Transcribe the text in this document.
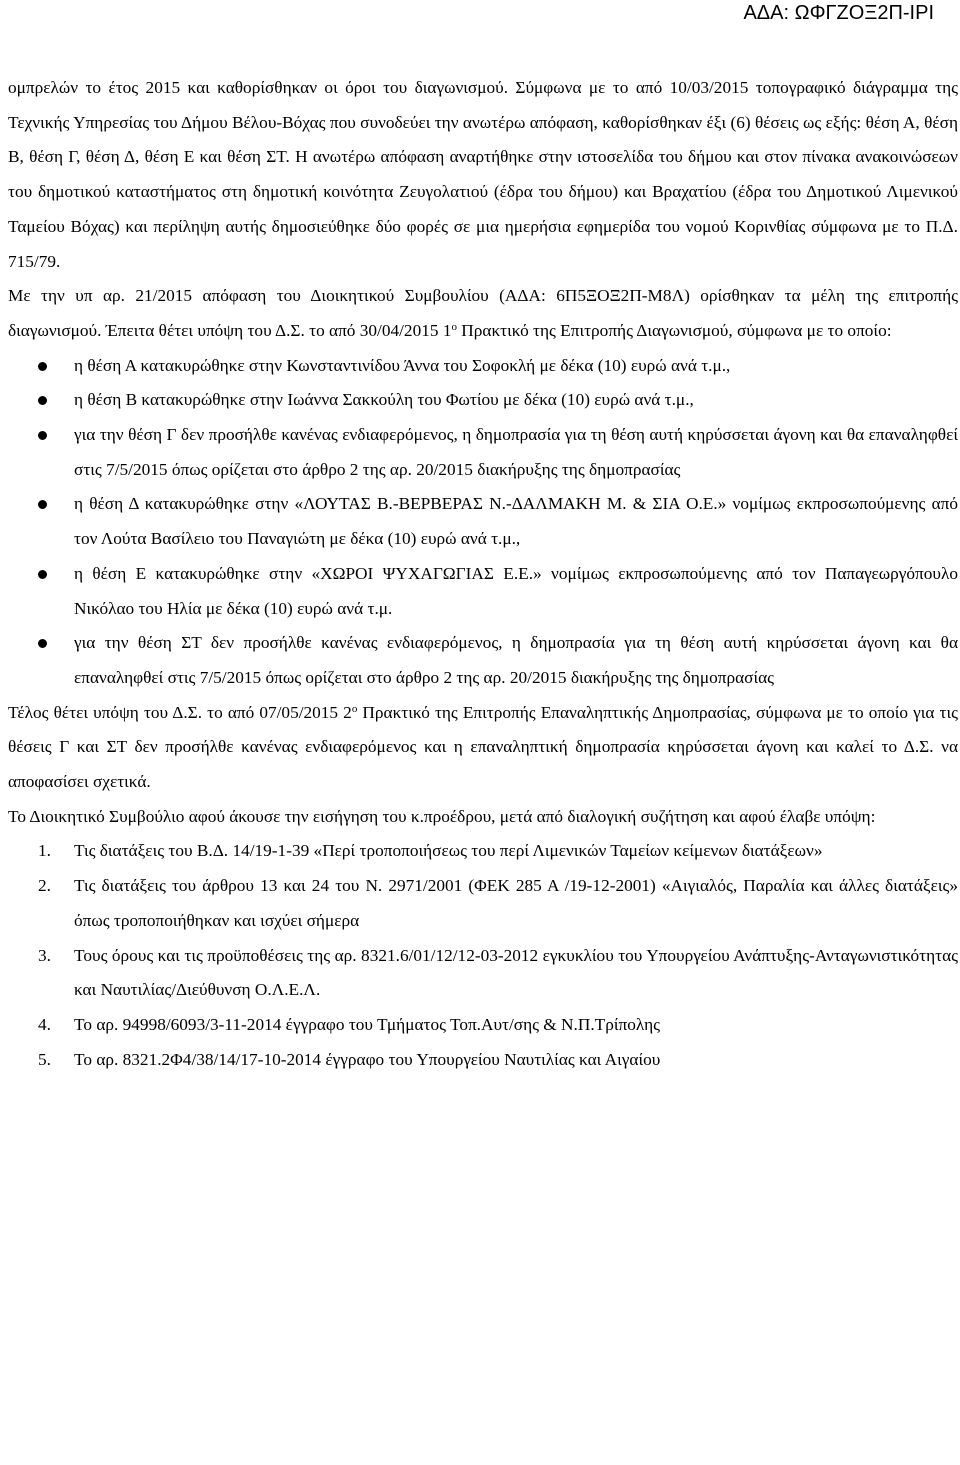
ΑΔΑ: ΩΦΓΖΟΞ2Π-ΙΡΙ

ομπρελών το έτος 2015 και καθορίσθηκαν οι όροι του διαγωνισμού. Σύμφωνα με το από 10/03/2015 τοπογραφικό διάγραμμα της Τεχνικής Υπηρεσίας του Δήμου Βέλου-Βόχας που συνοδεύει την ανωτέρω απόφαση, καθορίσθηκαν έξι (6) θέσεις ως εξής: θέση Α, θέση Β, θέση Γ, θέση Δ, θέση Ε και θέση ΣΤ. Η ανωτέρω απόφαση αναρτήθηκε στην ιστοσελίδα του δήμου και στον πίνακα ανακοινώσεων του δημοτικού καταστήματος στη δημοτική κοινότητα Ζευγολατιού (έδρα του δήμου) και Βραχατίου (έδρα του Δημοτικού Λιμενικού Ταμείου Βόχας) και περίληψη αυτής δημοσιεύθηκε δύο φορές σε μια ημερήσια εφημερίδα του νομού Κορινθίας σύμφωνα με το Π.Δ. 715/79.

Με την υπ αρ. 21/2015 απόφαση του Διοικητικού Συμβουλίου (ΑΔΑ: 6Π5ΞΟΞ2Π-Μ8Λ) ορίσθηκαν τα μέλη της επιτροπής διαγωνισμού. Έπειτα θέτει υπόψη του Δ.Σ. το από 30/04/2015 $1^o$ Πρακτικό της Επιτροπής Διαγωνισμού, σύμφωνα με το οποίο:

η θέση Α κατακυρώθηκε στην Κωνσταντινίδου Άννα του Σοφοκλή με δέκα (10) ευρώ ανά τ.μ.,
η θέση Β κατακυρώθηκε στην Ιωάννα Σακκούλη του Φωτίου με δέκα (10) ευρώ ανά τ.μ.,
για την θέση Γ δεν προσήλθε κανένας ενδιαφερόμενος, η δημοπρασία για τη θέση αυτή κηρύσσεται άγονη και θα επαναληφθεί στις 7/5/2015 όπως ορίζεται στο άρθρο 2 της αρ. 20/2015 διακήρυξης της δημοπρασίας
η θέση Δ κατακυρώθηκε στην «ΛΟΥΤΑΣ Β.-ΒΕΡΒΕΡΑΣ Ν.-ΔΑΛΜΑΚΗ Μ. & ΣΙΑ Ο.Ε.» νομίμως εκπροσωπούμενης από τον Λούτα Βασίλειο του Παναγιώτη με δέκα (10) ευρώ ανά τ.μ.,
η θέση Ε κατακυρώθηκε στην «ΧΩΡΟΙ ΨΥΧΑΓΩΓΙΑΣ Ε.Ε.» νομίμως εκπροσωπούμενης από τον Παπαγεωργόπουλο Νικόλαο του Ηλία με δέκα (10) ευρώ ανά τ.μ.
για την θέση ΣΤ δεν προσήλθε κανένας ενδιαφερόμενος, η δημοπρασία για τη θέση αυτή κηρύσσεται άγονη και θα επαναληφθεί στις 7/5/2015 όπως ορίζεται στο άρθρο 2 της αρ. 20/2015 διακήρυξης της δημοπρασίας

Τέλος θέτει υπόψη του Δ.Σ. το από 07/05/2015 $2^o$ Πρακτικό της Επιτροπής Επαναληπτικής Δημοπρασίας, σύμφωνα με το οποίο για τις θέσεις Γ και ΣΤ δεν προσήλθε κανένας ενδιαφερόμενος και η επαναληπτική δημοπρασία κηρύσσεται άγονη και καλεί το Δ.Σ. να αποφασίσει σχετικά.

Το Διοικητικό Συμβούλιο αφού άκουσε την εισήγηση του κ.προέδρου, μετά από διαλογική συζήτηση και αφού έλαβε υπόψη:

1. Τις διατάξεις του Β.Δ. 14/19-1-39 «Περί τροποποιήσεως του περί Λιμενικών Ταμείων κείμενων διατάξεων»
2. Τις διατάξεις του άρθρου 13 και 24 του Ν. 2971/2001 (ΦΕΚ 285 Α /19-12-2001) «Αιγιαλός, Παραλία και άλλες διατάξεις» όπως τροποποιήθηκαν και ισχύει σήμερα
3. Τους όρους και τις προϋποθέσεις της αρ. 8321.6/01/12/12-03-2012 εγκυκλίου του Υπουργείου Ανάπτυξης-Ανταγωνιστικότητας και Ναυτιλίας/Διεύθυνση Ο.Λ.Ε.Λ.
4. Το αρ. 94998/6093/3-11-2014 έγγραφο του Τμήματος Τοπ.Αυτ/σης & Ν.Π.Τρίπολης
5. Το αρ. 8321.2Φ4/38/14/17-10-2014 έγγραφο του Υπουργείου Ναυτιλίας και Αιγαίου
